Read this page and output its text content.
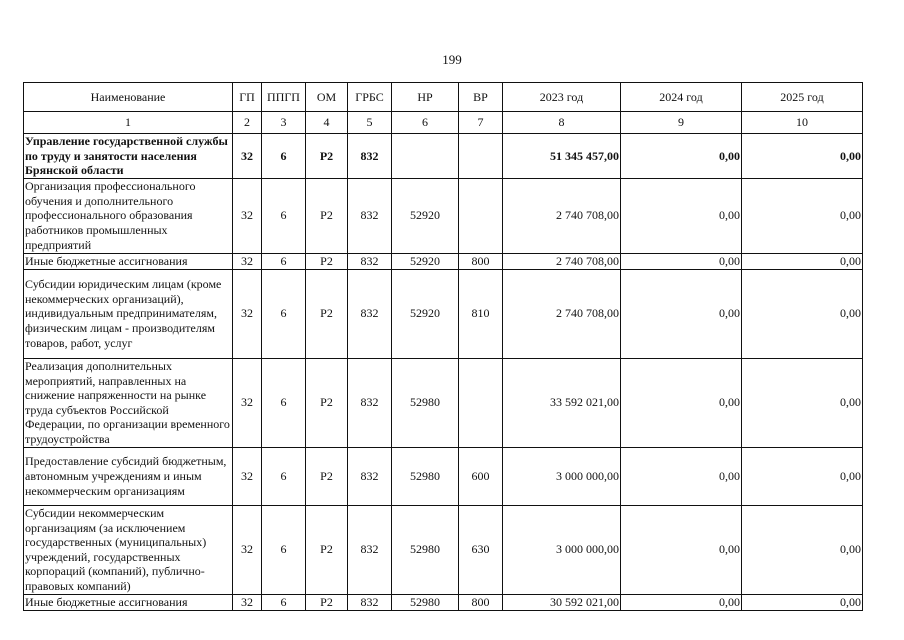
199
Наименование	ГП	ППГП	ОМ	ГРБС	НР	ВР	2023 год	2024 год	2025 год
1	2	3	4	5	6	7	8	9	10
Управление государственной службы по труду и занятости населения Брянской области	32	6	Р2	832			51 345 457,00	0,00	0,00
Организация профессионального обучения и дополнительного профессионального образования работников промышленных предприятий	32	6	Р2	832	52920		2 740 708,00	0,00	0,00
Иные бюджетные ассигнования	32	6	Р2	832	52920	800	2 740 708,00	0,00	0,00
Субсидии юридическим лицам (кроме некоммерческих организаций), индивидуальным предпринимателям, физическим лицам - производителям товаров, работ, услуг	32	6	Р2	832	52920	810	2 740 708,00	0,00	0,00
Реализация дополнительных мероприятий, направленных на снижение напряженности на рынке труда субъектов Российской Федерации, по организации временного трудоустройства	32	6	Р2	832	52980		33 592 021,00	0,00	0,00
Предоставление субсидий бюджетным, автономным учреждениям и иным некоммерческим организациям	32	6	Р2	832	52980	600	3 000 000,00	0,00	0,00
Субсидии некоммерческим организациям (за исключением государственных (муниципальных) учреждений, государственных корпораций (компаний), публично-правовых компаний)	32	6	Р2	832	52980	630	3 000 000,00	0,00	0,00
Иные бюджетные ассигнования	32	6	Р2	832	52980	800	30 592 021,00	0,00	0,00
